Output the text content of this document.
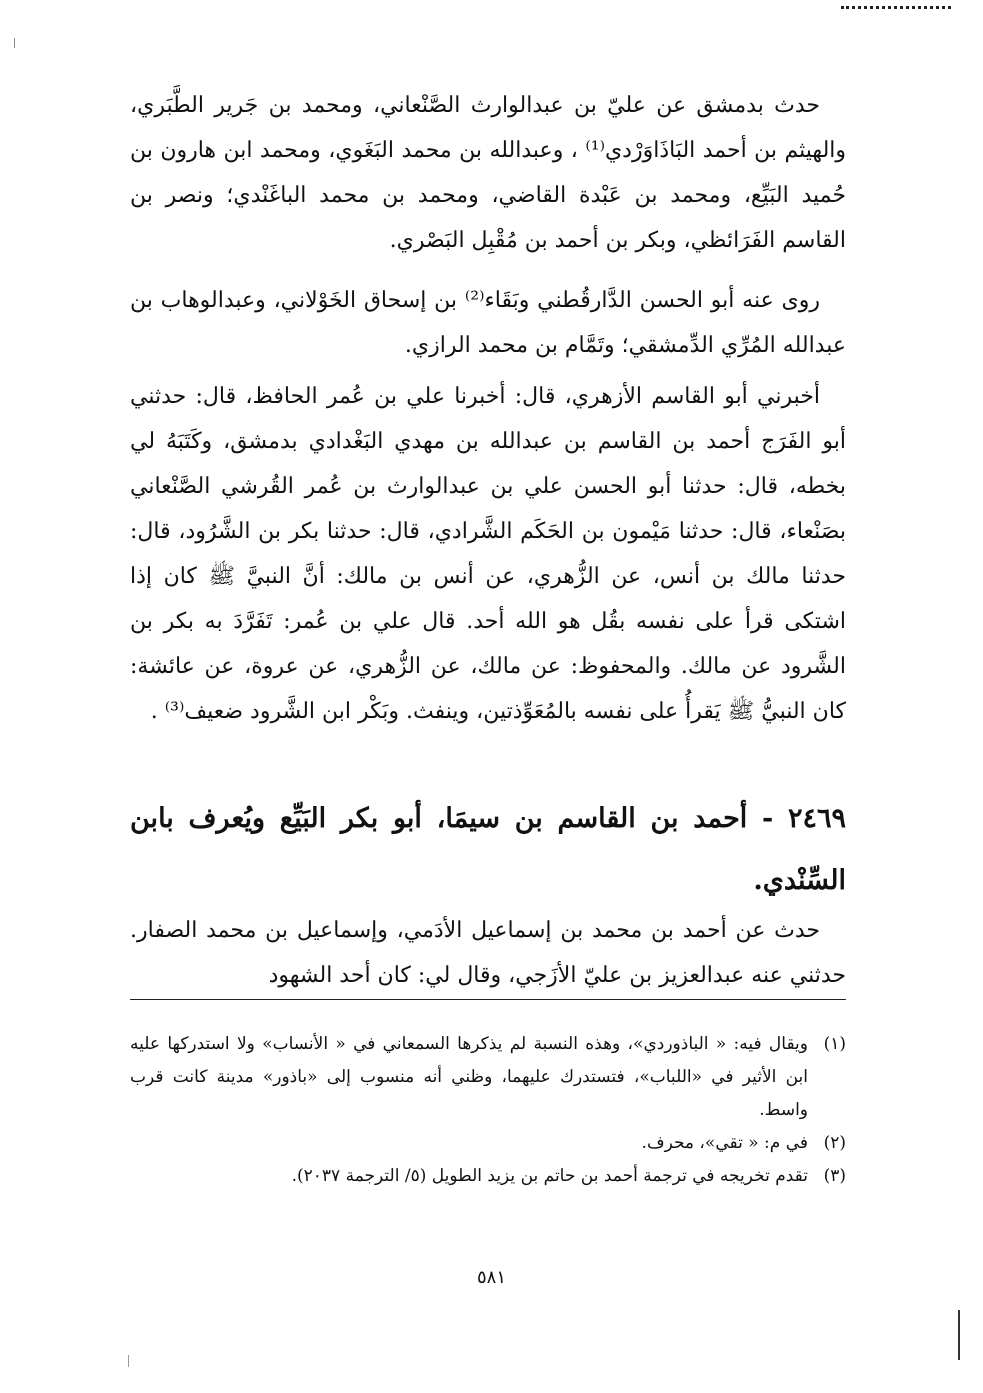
حدث بدمشق عن عليّ بن عبدالوارث الصَّنْعاني، ومحمد بن جَرير الطَّبَري، والهيثم بن أحمد البَاذَاوَرْدي⁽¹⁾ ، وعبدالله بن محمد البَغَوي، ومحمد ابن هارون بن حُميد البَيِّع، ومحمد بن عَبْدة القاضي، ومحمد بن محمد الباغَنْدي؛ ونصر بن القاسم الفَرَائظي، وبكر بن أحمد بن مُقْبِل البَصْري.

روى عنه أبو الحسن الدَّارقُطني وبَقَاء⁽²⁾ بن إسحاق الخَوْلاني، وعبدالوهاب بن عبدالله المُرِّي الدِّمشقي؛ وتَمَّام بن محمد الرازي.

أخبرني أبو القاسم الأزهري، قال: أخبرنا علي بن عُمر الحافظ، قال: حدثني أبو الفَرَج أحمد بن القاسم بن عبدالله بن مهدي البَغْدادي بدمشق، وكَتَبَهُ لي بخطه، قال: حدثنا أبو الحسن علي بن عبدالوارث بن عُمر القُرشي الصَّنْعاني بصَنْعاء، قال: حدثنا مَيْمون بن الحَكَم الشَّرادي، قال: حدثنا بكر بن الشَّرُود، قال: حدثنا مالك بن أنس، عن الزُّهري، عن أنس بن مالك: أنَّ النبيَّ ﷺ كان إذا اشتكى قرأ على نفسه بقُل هو الله أحد. قال علي بن عُمر: تَفَرَّدَ به بكر بن الشَّرود عن مالك. والمحفوظ: عن مالك، عن الزُّهري، عن عروة، عن عائشة: كان النبيُّ ﷺ يَقرأُ على نفسه بالمُعَوِّذتين، وينفث. وبَكْر ابن الشَّرود ضعيف⁽³⁾ .

٢٤٦٩ - أحمد بن القاسم بن سيمَا، أبو بكر البَيِّع ويُعرف بابن السِّنْدي.

حدث عن أحمد بن محمد بن إسماعيل الأدَمي، وإسماعيل بن محمد الصفار. حدثني عنه عبدالعزيز بن عليّ الأزَجي، وقال لي: كان أحد الشهود

(١)
ويقال فيه: « الباذوردي»، وهذه النسبة لم يذكرها السمعاني في « الأنساب» ولا استدركها عليه ابن الأثير في «اللباب»، فتستدرك عليهما، وظني أنه منسوب إلى «باذور» مدينة كانت قرب واسط.
(٢)
في م: « تقي»، محرف.
(٣)
تقدم تخريجه في ترجمة أحمد بن حاتم بن يزيد الطويل (٥/ الترجمة ٢٠٣٧).
٥٨١
